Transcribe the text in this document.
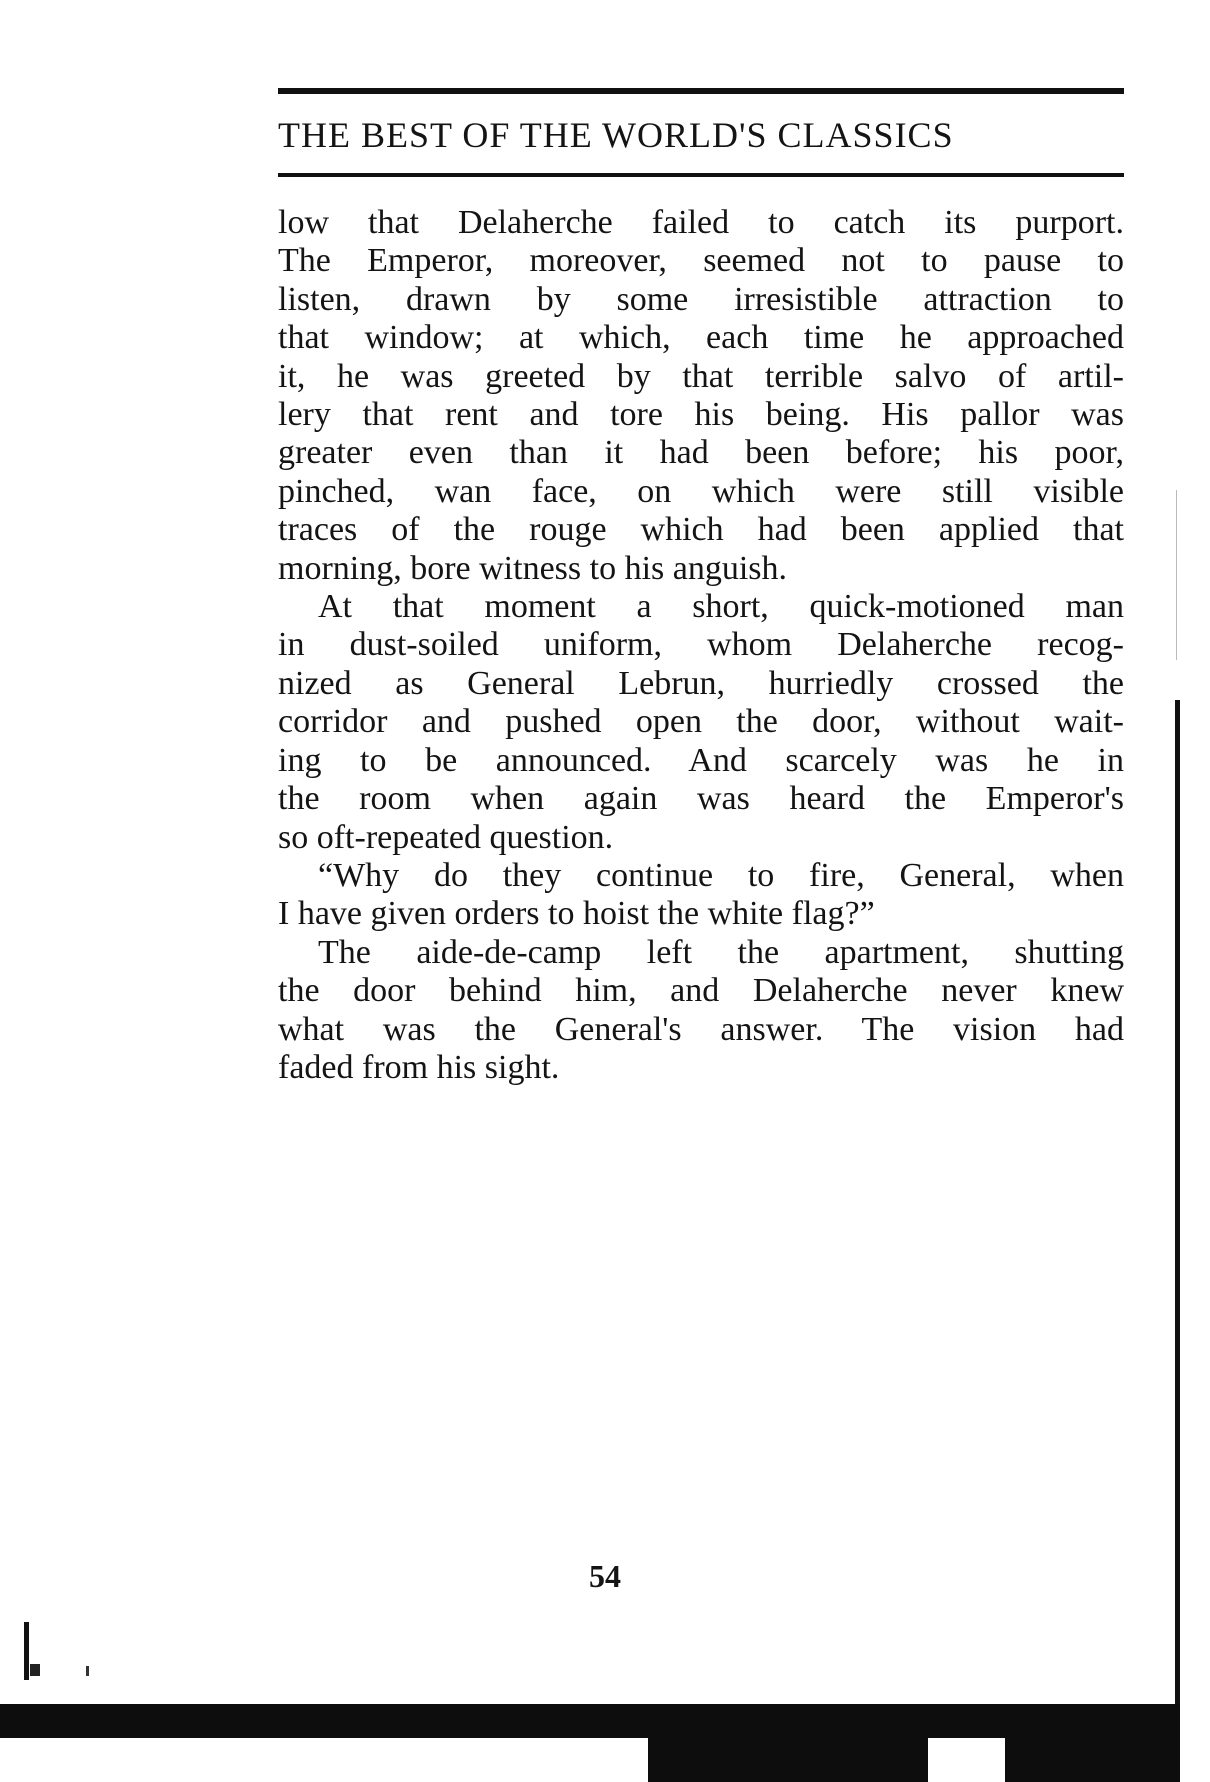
THE BEST OF THE WORLD'S CLASSICS
low that Delaherche failed to catch its purport.
The Emperor, moreover, seemed not to pause to
listen, drawn by some irresistible attraction to
that window; at which, each time he approached
it, he was greeted by that terrible salvo of artil-
lery that rent and tore his being. His pallor was
greater even than it had been before; his poor,
pinched, wan face, on which were still visible
traces of the rouge which had been applied that
morning, bore witness to his anguish.
At that moment a short, quick-motioned man
in dust-soiled uniform, whom Delaherche recog-
nized as General Lebrun, hurriedly crossed the
corridor and pushed open the door, without wait-
ing to be announced. And scarcely was he in
the room when again was heard the Emperor's
so oft-repeated question.
“Why do they continue to fire, General, when
I have given orders to hoist the white flag?”
The aide-de-camp left the apartment, shutting
the door behind him, and Delaherche never knew
what was the General's answer. The vision had
faded from his sight.
54
